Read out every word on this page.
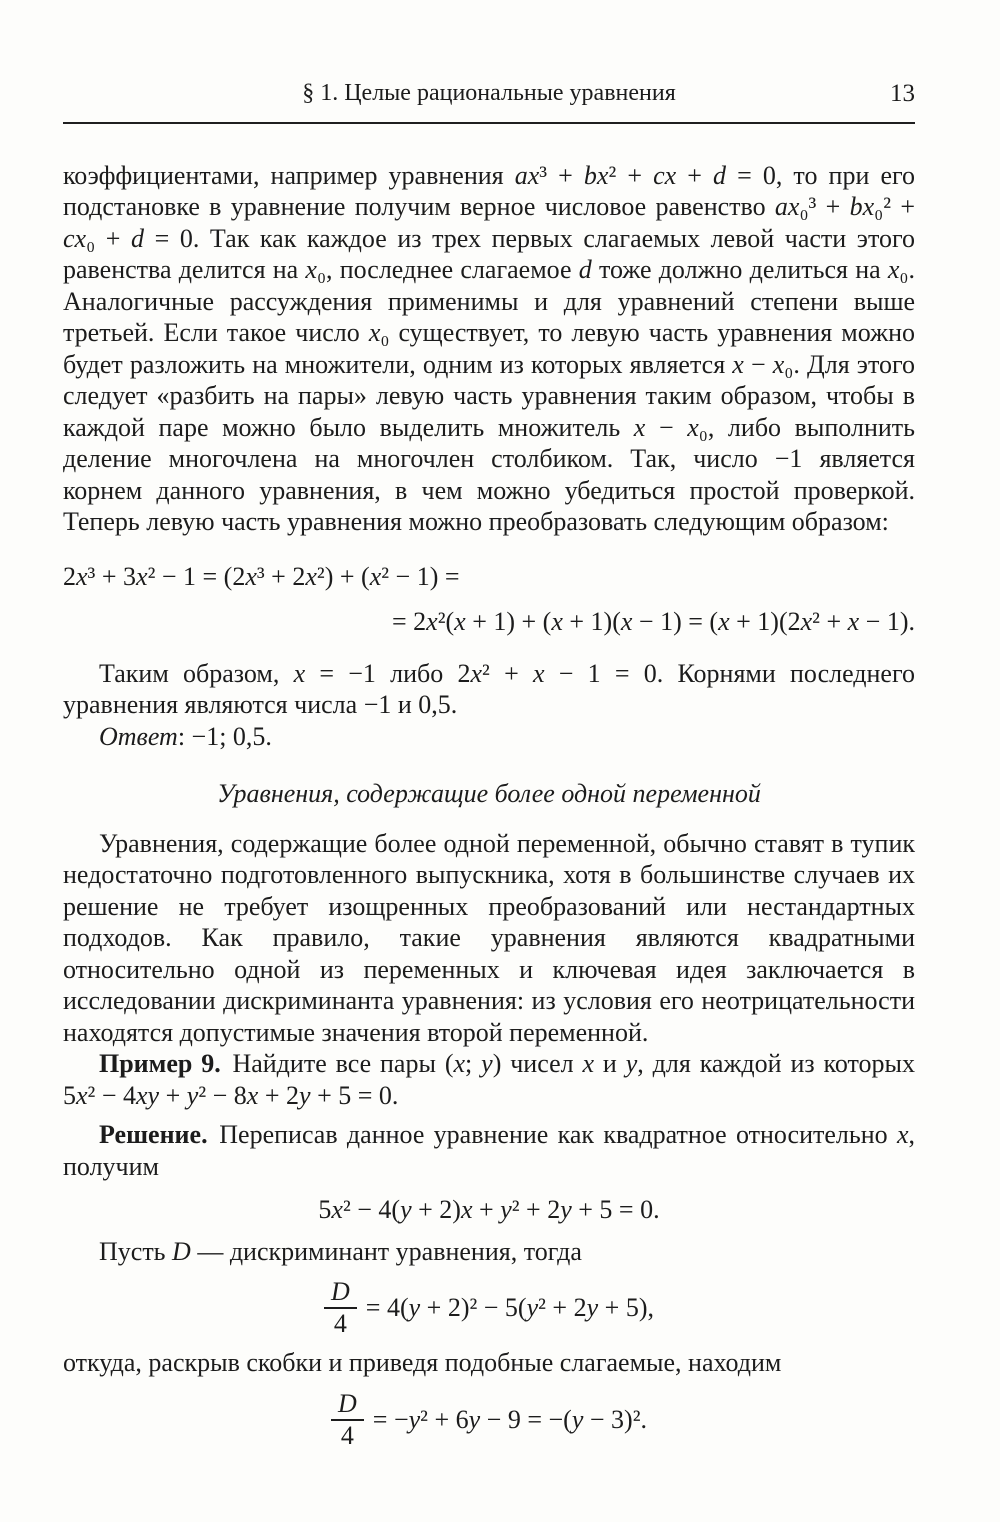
§ 1. Целые рациональные уравнения	13

коэффициентами, например уравнения ax³ + bx² + cx + d = 0, то при его подстановке в уравнение получим верное числовое равенство ax₀³ + bx₀² + cx₀ + d = 0. Так как каждое из трех первых слагаемых левой части этого равенства делится на x₀, последнее слагаемое d тоже должно делиться на x₀. Аналогичные рассуждения применимы и для уравнений степени выше третьей. Если такое число x₀ существует, то левую часть уравнения можно будет разложить на множители, одним из которых является x − x₀. Для этого следует «разбить на пары» левую часть уравнения таким образом, чтобы в каждой паре можно было выделить множитель x − x₀, либо выполнить деление многочлена на многочлен столбиком. Так, число −1 является корнем данного уравнения, в чем можно убедиться простой проверкой. Теперь левую часть уравнения можно преобразовать следующим образом:

2x³ + 3x² − 1 = (2x³ + 2x²) + (x² − 1) =
= 2x²(x + 1) + (x + 1)(x − 1) = (x + 1)(2x² + x − 1).

Таким образом, x = −1 либо 2x² + x − 1 = 0. Корнями последнего уравнения являются числа −1 и 0,5.

Ответ: −1; 0,5.

Уравнения, содержащие более одной переменной

Уравнения, содержащие более одной переменной, обычно ставят в тупик недостаточно подготовленного выпускника, хотя в большинстве случаев их решение не требует изощренных преобразований или нестандартных подходов. Как правило, такие уравнения являются квадратными относительно одной из переменных и ключевая идея заключается в исследовании дискриминанта уравнения: из условия его неотрицательности находятся допустимые значения второй переменной.

Пример 9. Найдите все пары (x; y) чисел x и y, для каждой из которых 5x² − 4xy + y² − 8x + 2y + 5 = 0.

Решение. Переписав данное уравнение как квадратное относительно x, получим

5x² − 4(y + 2)x + y² + 2y + 5 = 0.

Пусть D — дискриминант уравнения, тогда

$\frac{D}{4} = 4(y + 2)^2 - 5(y^2 + 2y + 5)$,

откуда, раскрыв скобки и приведя подобные слагаемые, находим

$\frac{D}{4} = -y^2 + 6y - 9 = -(y - 3)^2$.
